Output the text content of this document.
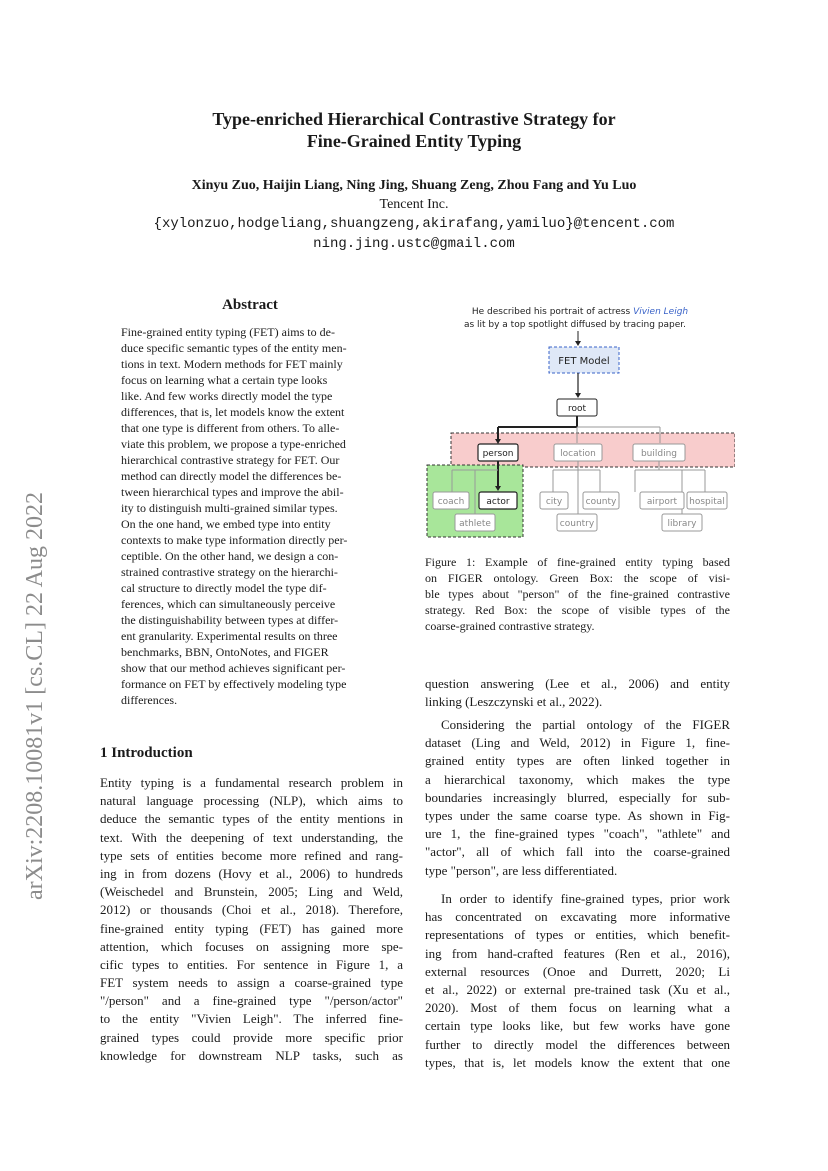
Type-enriched Hierarchical Contrastive Strategy for
Fine-Grained Entity Typing
Xinyu Zuo, Haijin Liang, Ning Jing, Shuang Zeng, Zhou Fang and Yu Luo
Tencent Inc.
{xylonzuo,hodgeliang,shuangzeng,akirafang,yamiluo}@tencent.com
ning.jing.ustc@gmail.com
arXiv:2208.10081v1 [cs.CL] 22 Aug 2022
Abstract
Fine-grained entity typing (FET) aims to de-
duce specific semantic types of the entity men-
tions in text. Modern methods for FET mainly
focus on learning what a certain type looks
like. And few works directly model the type
differences, that is, let models know the extent
that one type is different from others. To alle-
viate this problem, we propose a type-enriched
hierarchical contrastive strategy for FET. Our
method can directly model the differences be-
tween hierarchical types and improve the abil-
ity to distinguish multi-grained similar types.
On the one hand, we embed type into entity
contexts to make type information directly per-
ceptible. On the other hand, we design a con-
strained contrastive strategy on the hierarchi-
cal structure to directly model the type dif-
ferences, which can simultaneously perceive
the distinguishability between types at differ-
ent granularity. Experimental results on three
benchmarks, BBN, OntoNotes, and FIGER
show that our method achieves significant per-
formance on FET by effectively modeling type
differences.
1 Introduction
Entity typing is a fundamental research problem in
natural language processing (NLP), which aims to
deduce the semantic types of the entity mentions in
text. With the deepening of text understanding, the
type sets of entities become more refined and rang-
ing in from dozens (Hovy et al., 2006) to hundreds
(Weischedel and Brunstein, 2005; Ling and Weld,
2012) or thousands (Choi et al., 2018). Therefore,
fine-grained entity typing (FET) has gained more
attention, which focuses on assigning more spe-
cific types to entities. For sentence in Figure 1, a
FET system needs to assign a coarse-grained type
"/person" and a fine-grained type "/person/actor"
to the entity "Vivien Leigh". The inferred fine-
grained types could provide more specific prior
knowledge for downstream NLP tasks, such as
He described his portrait of actress Vivien Leigh
as lit by a top spotlight diffused by tracing paper.
FET Model
root
person	location	building
coach actor
athlete
city	county
country
airport hospital
library
Figure 1: Example of fine-grained entity typing based
on FIGER ontology. Green Box: the scope of visi-
ble types about "person" of the fine-grained contrastive
strategy. Red Box: the scope of visible types of the
coarse-grained contrastive strategy.
question answering (Lee et al., 2006) and entity
linking (Leszczynski et al., 2022).
Considering the partial ontology of the FIGER
dataset (Ling and Weld, 2012) in Figure 1, fine-
grained entity types are often linked together in
a hierarchical taxonomy, which makes the type
boundaries increasingly blurred, especially for sub-
types under the same coarse type. As shown in Fig-
ure 1, the fine-grained types "coach", "athlete" and
"actor", all of which fall into the coarse-grained
type "person", are less differentiated.
In order to identify fine-grained types, prior work
has concentrated on excavating more informative
representations of types or entities, which benefit-
ing from hand-crafted features (Ren et al., 2016),
external resources (Onoe and Durrett, 2020; Li
et al., 2022) or external pre-trained task (Xu et al.,
2020). Most of them focus on learning what a
certain type looks like, but few works have gone
further to directly model the differences between
types, that is, let models know the extent that one
